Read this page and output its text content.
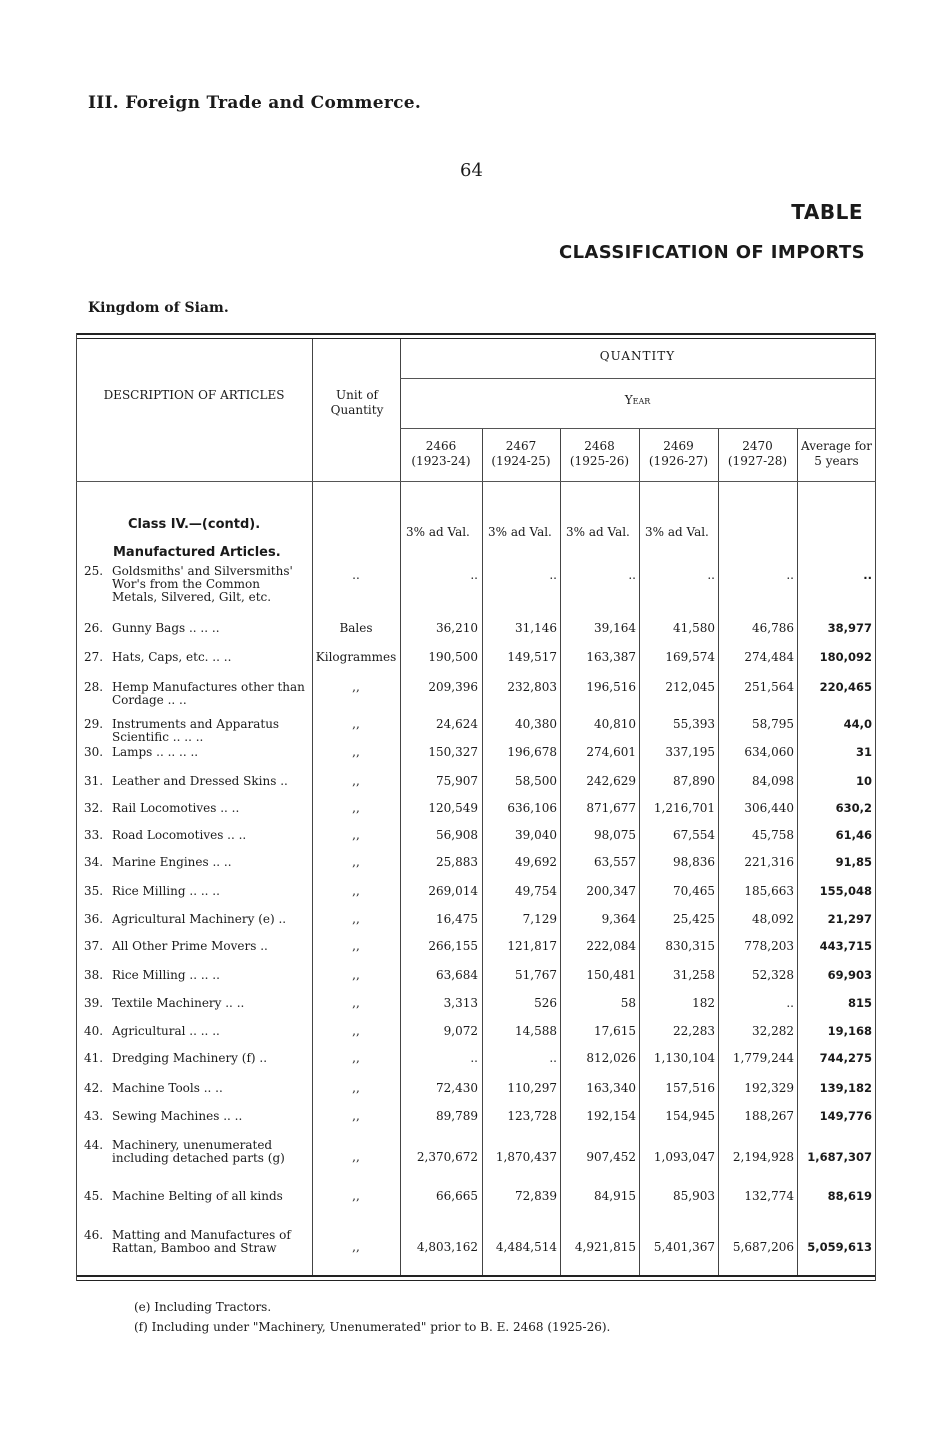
III. Foreign Trade and Commerce.
64
TABLE
CLASSIFICATION OF IMPORTS
Kingdom of Siam.
DESCRIPTION OF ARTICLES	Unit of Quantity
QUANTITY
Year
2466
(1923-24)
2467
(1924-25)
2468
(1925-26)
2469
(1926-27)
2470
(1927-28)
Average for 5 years
Class IV.—(contd).
Manufactured Articles.
3% ad Val. 3% ad Val. 3% ad Val. 3% ad Val.
25.Goldsmiths' and Silversmiths' Wor'‍s from the Common Metals, Silvered, Gilt, etc.
..	..	..	..	..	..	..
26.Gunny Bags .. .. ..	Bales	36,210	31,146	39,164	41,580	46,786	38,977
27.Hats, Caps, etc. .. ..	Kilogrammes	190,500	149,517	163,387	169,574	274,484	180,092
28.Hemp Manufactures other than Cordage .. ..
,,	209,396	232,803	196,516	212,045	251,564	220,465
29.Instruments and Apparatus Scientific .. .. ..
,,	24,624	40,380	40,810	55,393	58,795	44,0
30.Lamps .. .. .. ..	,,	150,327	196,678	274,601	337,195	634,060	31
31.Leather and Dressed Skins ..	,,	75,907	58,500	242,629	87,890	84,098	10
32.Rail Locomotives .. ..	,,	120,549	636,106	871,677	1,216,701	306,440	630,2
33.Road Locomotives .. ..	,,	56,908	39,040	98,075	67,554	45,758	61,46
34.Marine Engines .. ..	,,	25,883	49,692	63,557	98,836	221,316	91,85
35.Rice Milling .. .. ..	,,	269,014	49,754	200,347	70,465	185,663	155,048
36.Agricultural Machinery (e) ..	,,	16,475	7,129	9,364	25,425	48,092	21,297
37.All Other Prime Movers ..	,,	266,155	121,817	222,084	830,315	778,203	443,715
38.Rice Milling .. .. ..	,,	63,684	51,767	150,481	31,258	52,328	69,903
39.Textile Machinery .. ..	,,	3,313	526	58	182	..	815
40.Agricultural .. .. ..	,,	9,072	14,588	17,615	22,283	32,282	19,168
41.Dredging Machinery (f) ..	,,	..	..	812,026	1,130,104	1,779,244	744,275
42.Machine Tools .. ..	,,	72,430	110,297	163,340	157,516	192,329	139,182
43.Sewing Machines .. ..	,,	89,789	123,728	192,154	154,945	188,267	149,776
44.Machinery, unenumerated including detached parts (g)	,,	2,370,672	1,870,437	907,452	1,093,047	2,194,928	1,687,307
45.Machine Belting of all kinds	,,	66,665	72,839	84,915	85,903	132,774	88,619
46.Matting and Manufactures of Rattan, Bamboo and Straw	,,	4,803,162	4,484,514	4,921,815	5,401,367	5,687,206	5,059,613
(e) Including Tractors.
(f) Including under "Machinery, Unenumerated" prior to B. E. 2468 (1925-26).
